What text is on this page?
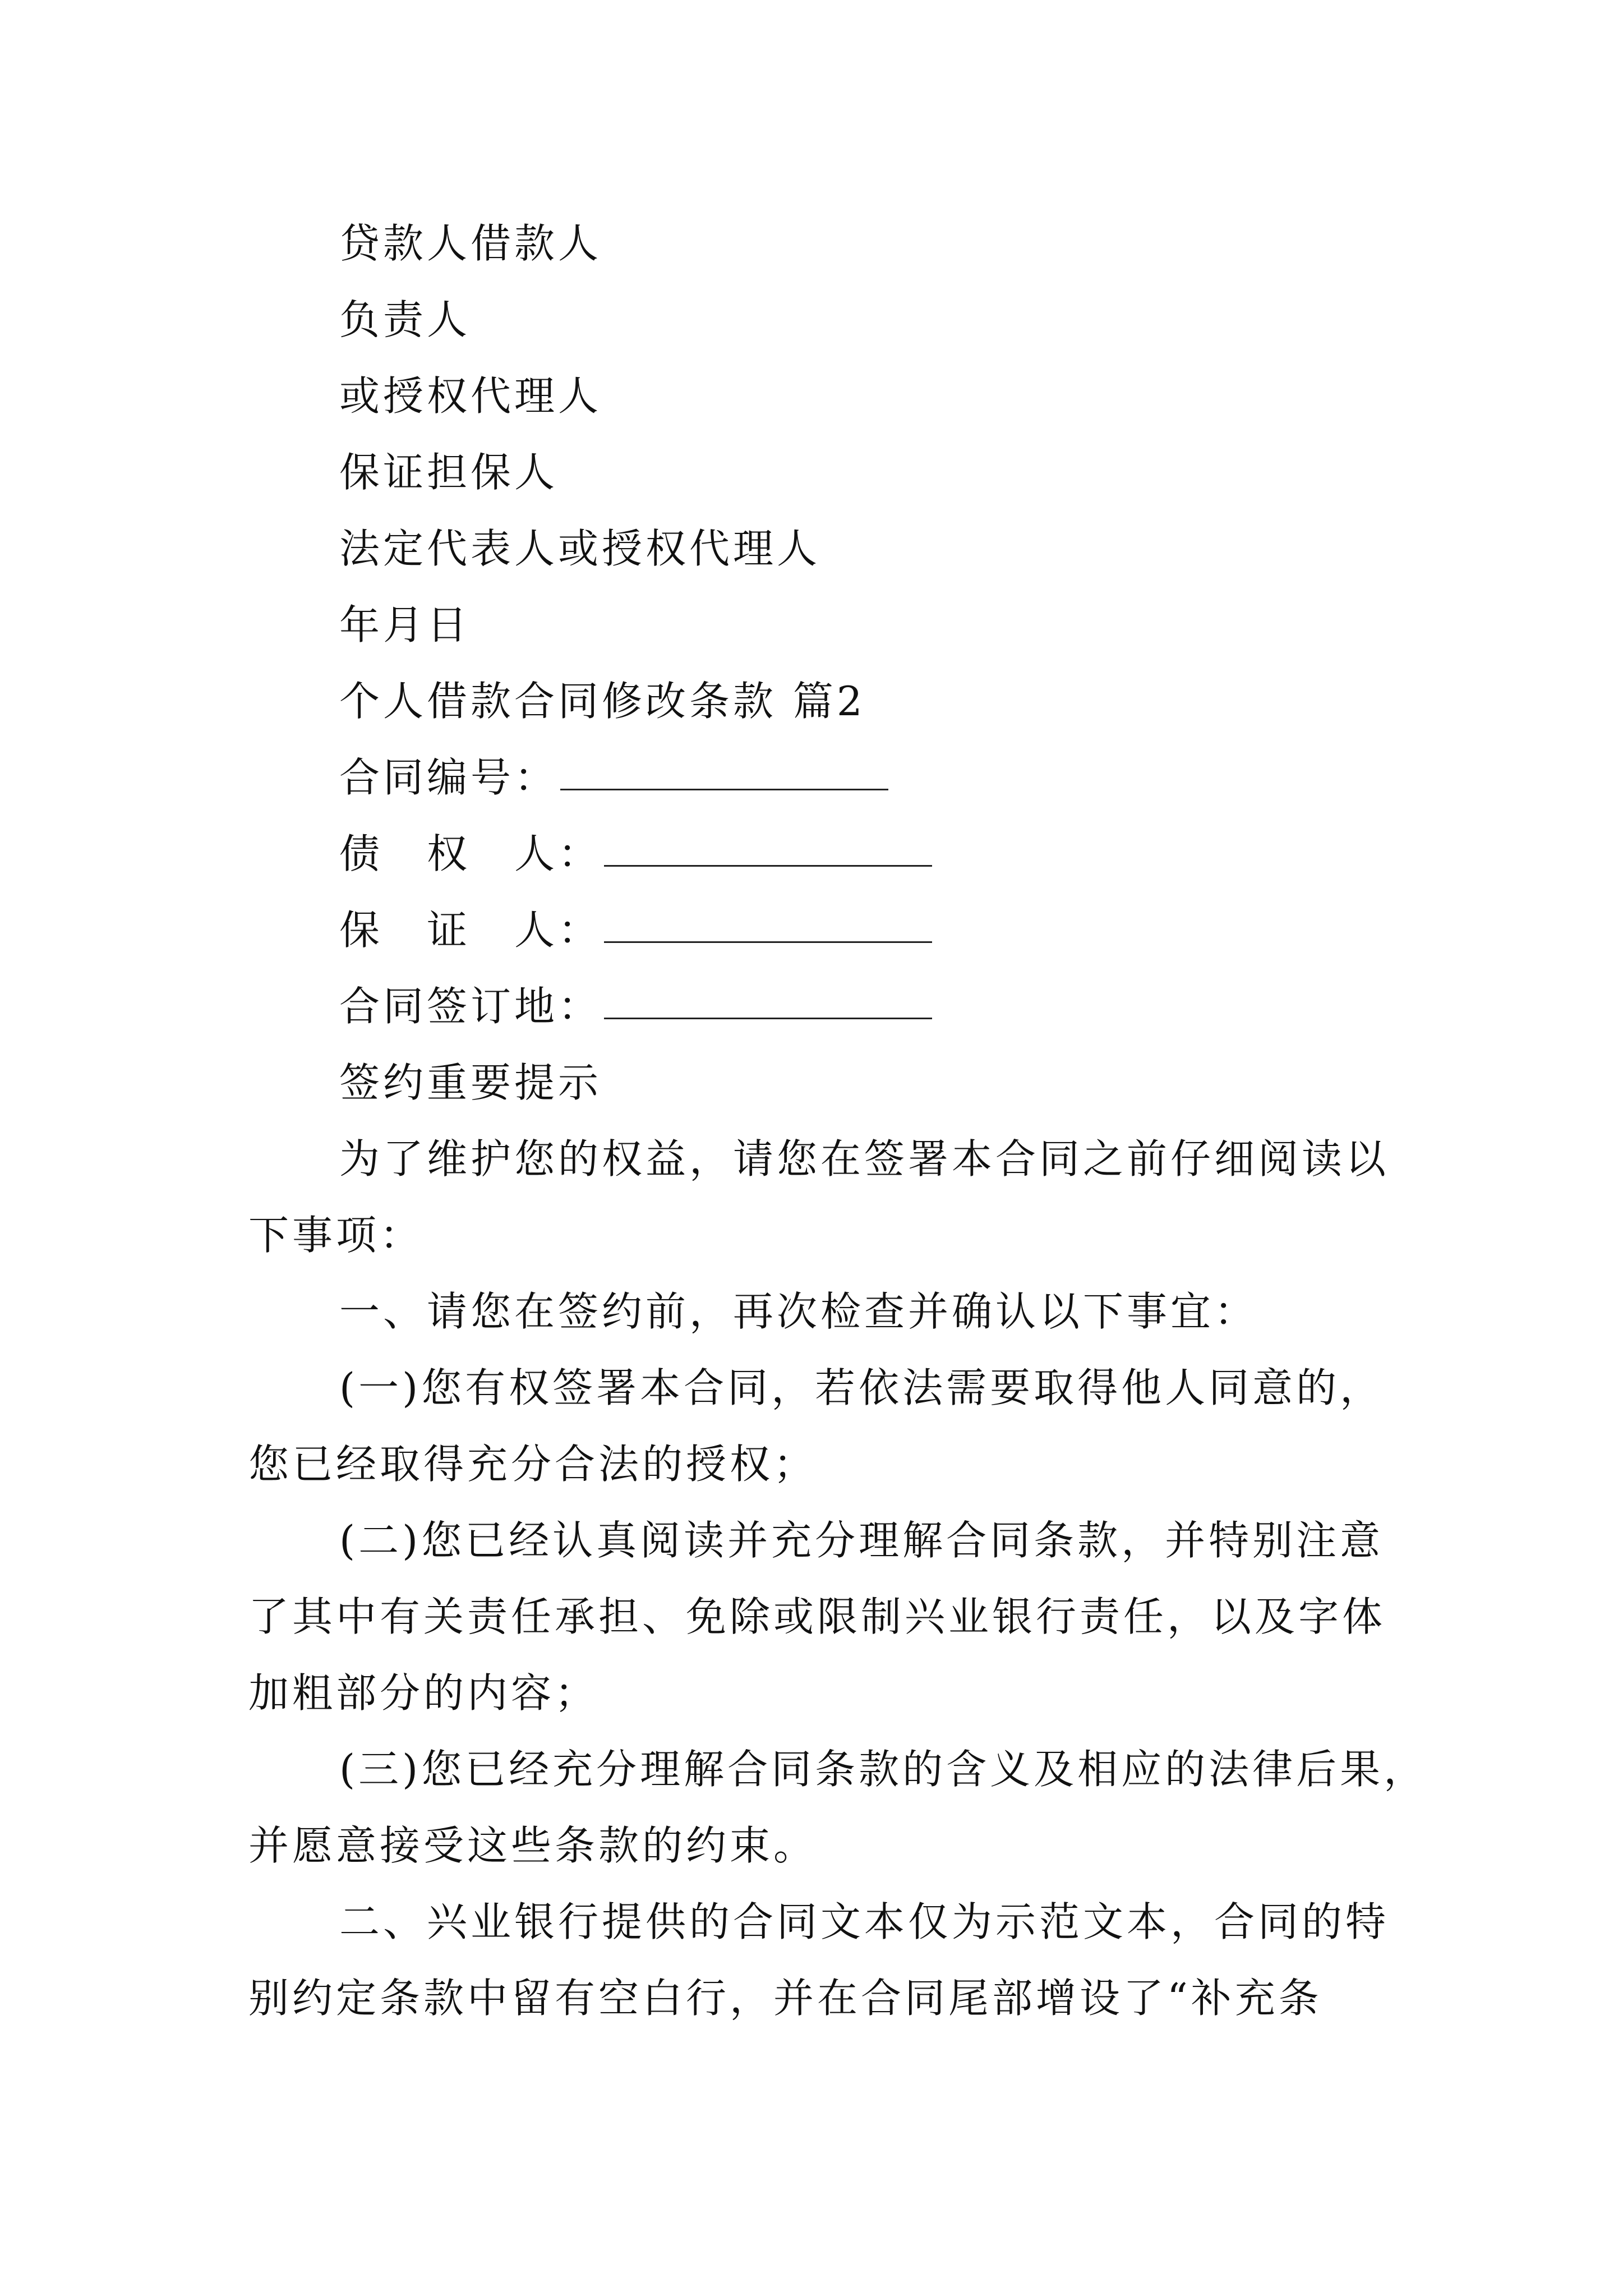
贷款人借款人
负责人
或授权代理人
保证担保人
法定代表人或授权代理人
年月日
个人借款合同修改条款 篇2
合同编号：
债　权　人：
保　证　人：
合同签订地：
签约重要提示
为了维护您的权益，请您在签署本合同之前仔细阅读以
下事项：
一、请您在签约前，再次检查并确认以下事宜：
(一)您有权签署本合同，若依法需要取得他人同意的，
您已经取得充分合法的授权；
(二)您已经认真阅读并充分理解合同条款，并特别注意
了其中有关责任承担、免除或限制兴业银行责任，以及字体
加粗部分的内容；
(三)您已经充分理解合同条款的含义及相应的法律后果，
并愿意接受这些条款的约束。
二、兴业银行提供的合同文本仅为示范文本，合同的特
别约定条款中留有空白行，并在合同尾部增设了“补充条
